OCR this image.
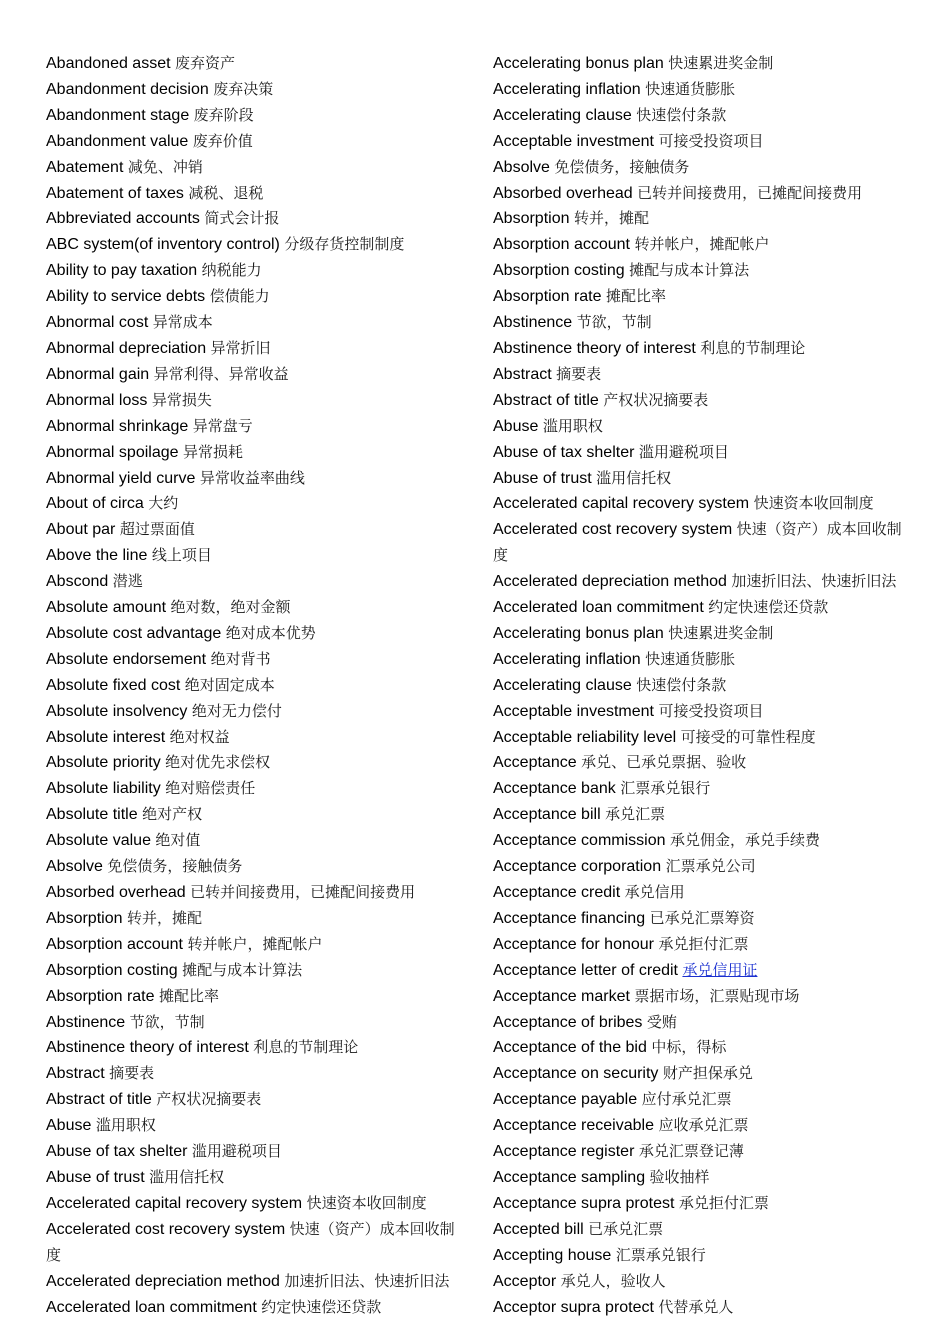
Abandoned asset 废弃资产
Abandonment decision 废弃决策
Abandonment stage 废弃阶段
Abandonment value 废弃价值
Abatement 减免、冲销
Abatement of taxes 减税、退税
Abbreviated accounts 简式会计报
ABC system(of inventory control) 分级存货控制制度
Ability to pay taxation 纳税能力
Ability to service debts 偿债能力
Abnormal cost 异常成本
Abnormal depreciation 异常折旧
Abnormal gain 异常利得、异常收益
Abnormal loss 异常损失
Abnormal shrinkage 异常盘亏
Abnormal spoilage 异常损耗
Abnormal yield curve 异常收益率曲线
About of circa 大约
About par 超过票面值
Above the line 线上项目
Abscond 潜逃
Absolute amount 绝对数，绝对金额
Absolute cost advantage 绝对成本优势
Absolute endorsement 绝对背书
Absolute fixed cost 绝对固定成本
Absolute insolvency 绝对无力偿付
Absolute interest 绝对权益
Absolute priority 绝对优先求偿权
Absolute liability 绝对赔偿责任
Absolute title 绝对产权
Absolute value 绝对值
Absolve 免偿债务，接触债务
Absorbed overhead 已转并间接费用，已摊配间接费用
Absorption 转并，摊配
Absorption account 转并帐户，摊配帐户
Absorption costing 摊配与成本计算法
Absorption rate 摊配比率
Abstinence 节欲，节制
Abstinence theory of interest 利息的节制理论
Abstract 摘要表
Abstract of title 产权状况摘要表
Abuse 滥用职权
Abuse of tax shelter 滥用避税项目
Abuse of trust 滥用信托权
Accelerated capital recovery system 快速资本收回制度
Accelerated cost recovery system 快速（资产）成本回收制度
Accelerated depreciation method 加速折旧法、快速折旧法
Accelerated loan commitment 约定快速偿还贷款
Accelerating bonus plan 快速累进奖金制
Accelerating inflation 快速通货膨胀
Accelerating clause 快速偿付条款
Acceptable investment 可接受投资项目
Absolve 免偿债务，接触债务
Absorbed overhead 已转并间接费用，已摊配间接费用
Absorption 转并，摊配
Absorption account 转并帐户，摊配帐户
Absorption costing 摊配与成本计算法
Absorption rate 摊配比率
Abstinence 节欲，节制
Abstinence theory of interest 利息的节制理论
Abstract 摘要表
Abstract of title 产权状况摘要表
Abuse 滥用职权
Abuse of tax shelter 滥用避税项目
Abuse of trust 滥用信托权
Accelerated capital recovery system 快速资本收回制度
Accelerated cost recovery system 快速（资产）成本回收制度
Accelerated depreciation method 加速折旧法、快速折旧法
Accelerated loan commitment 约定快速偿还贷款
Accelerating bonus plan 快速累进奖金制
Accelerating inflation 快速通货膨胀
Accelerating clause 快速偿付条款
Acceptable investment 可接受投资项目
Acceptable reliability level 可接受的可靠性程度
Acceptance 承兑、已承兑票据、验收
Acceptance bank 汇票承兑银行
Acceptance bill 承兑汇票
Acceptance commission 承兑佣金，承兑手续费
Acceptance corporation 汇票承兑公司
Acceptance credit 承兑信用
Acceptance financing 已承兑汇票筹资
Acceptance for honour 承兑拒付汇票
Acceptance letter of credit 承兑信用证
Acceptance market 票据市场，汇票贴现市场
Acceptance of bribes 受贿
Acceptance of the bid 中标，得标
Acceptance on security 财产担保承兑
Acceptance payable 应付承兑汇票
Acceptance receivable 应收承兑汇票
Acceptance register 承兑汇票登记薄
Acceptance sampling 验收抽样
Acceptance supra protest 承兑拒付汇票
Accepted bill 已承兑汇票
Accepting house 汇票承兑银行
Acceptor 承兑人，验收人
Acceptor supra protect 代替承兑人
